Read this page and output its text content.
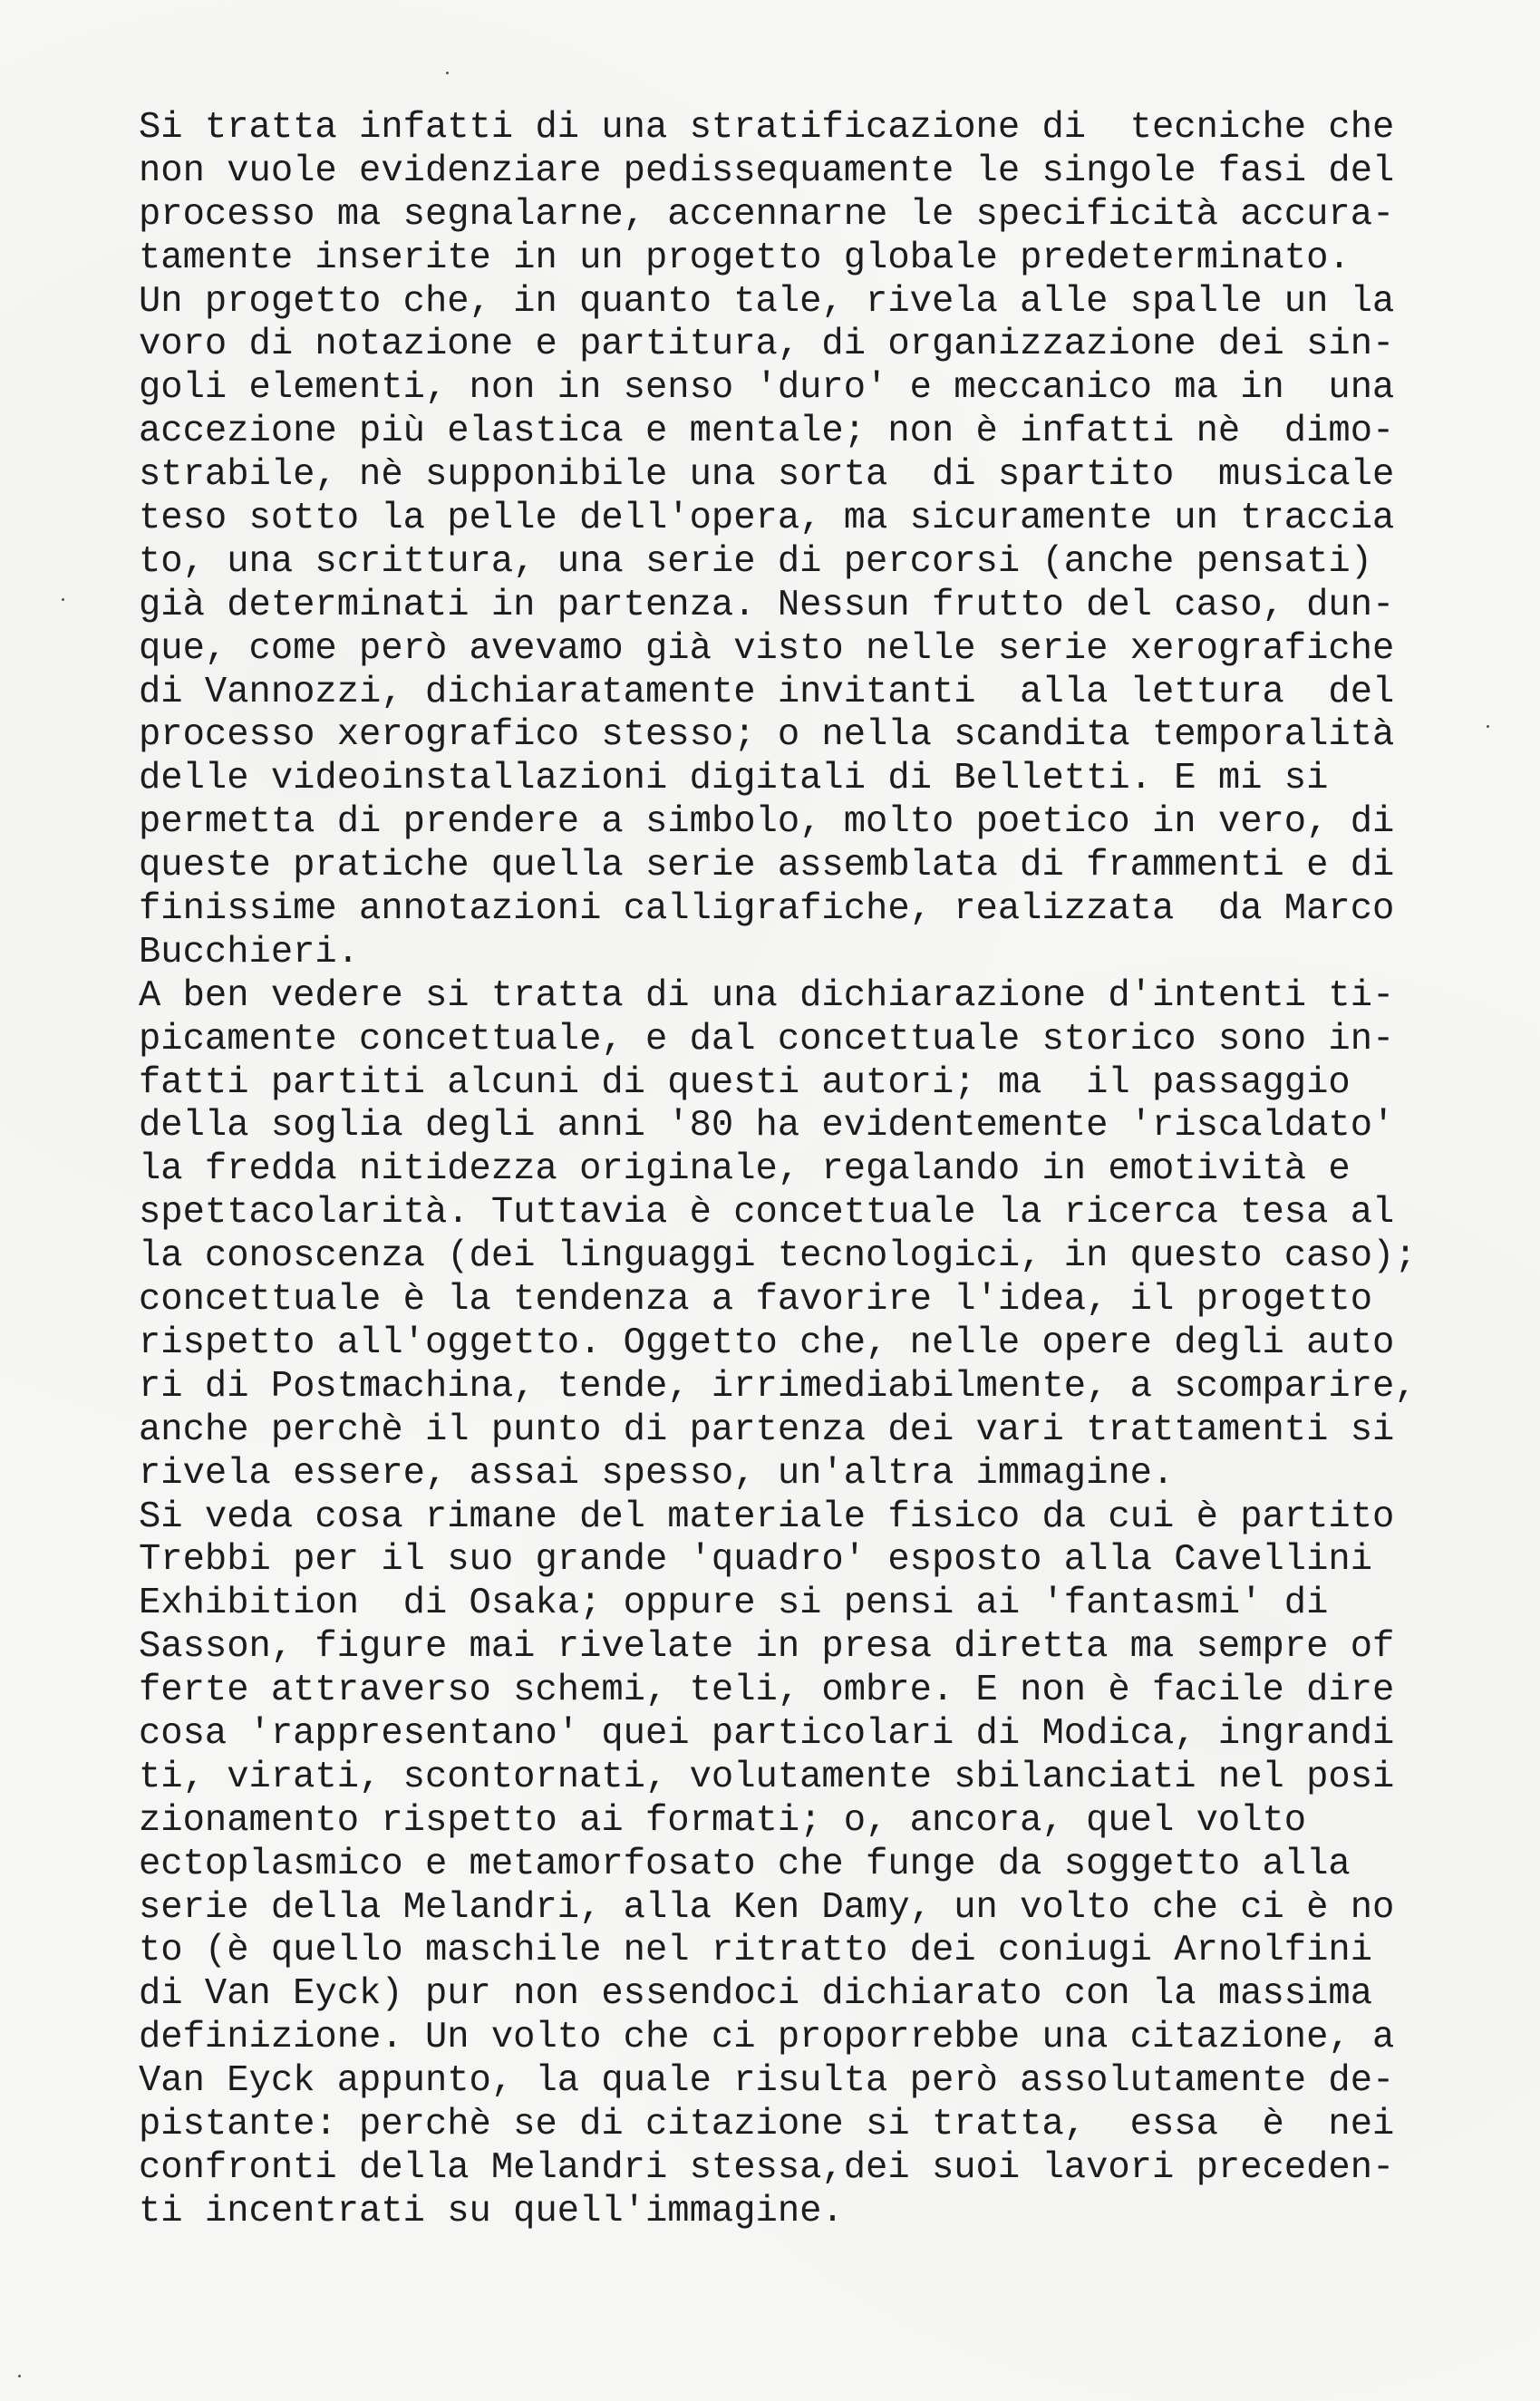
Si tratta infatti di una stratificazione di  tecniche che
non vuole evidenziare pedissequamente le singole fasi del
processo ma segnalarne, accennarne le specificità accura-
tamente inserite in un progetto globale predeterminato.
Un progetto che, in quanto tale, rivela alle spalle un la
voro di notazione e partitura, di organizzazione dei sin-
goli elementi, non in senso 'duro' e meccanico ma in  una
accezione più elastica e mentale; non è infatti nè  dimo-
strabile, nè supponibile una sorta  di spartito  musicale
teso sotto la pelle dell'opera, ma sicuramente un traccia
to, una scrittura, una serie di percorsi (anche pensati)
già determinati in partenza. Nessun frutto del caso, dun-
que, come però avevamo già visto nelle serie xerografiche
di Vannozzi, dichiaratamente invitanti  alla lettura  del
processo xerografico stesso; o nella scandita temporalità
delle videoinstallazioni digitali di Belletti. E mi si
permetta di prendere a simbolo, molto poetico in vero, di
queste pratiche quella serie assemblata di frammenti e di
finissime annotazioni calligrafiche, realizzata  da Marco
Bucchieri.
A ben vedere si tratta di una dichiarazione d'intenti ti-
picamente concettuale, e dal concettuale storico sono in-
fatti partiti alcuni di questi autori; ma  il passaggio
della soglia degli anni '80 ha evidentemente 'riscaldato'
la fredda nitidezza originale, regalando in emotività e
spettacolarità. Tuttavia è concettuale la ricerca tesa al
la conoscenza (dei linguaggi tecnologici, in questo caso);
concettuale è la tendenza a favorire l'idea, il progetto
rispetto all'oggetto. Oggetto che, nelle opere degli auto
ri di Postmachina, tende, irrimediabilmente, a scomparire,
anche perchè il punto di partenza dei vari trattamenti si
rivela essere, assai spesso, un'altra immagine.
Si veda cosa rimane del materiale fisico da cui è partito
Trebbi per il suo grande 'quadro' esposto alla Cavellini
Exhibition  di Osaka; oppure si pensi ai 'fantasmi' di
Sasson, figure mai rivelate in presa diretta ma sempre of
ferte attraverso schemi, teli, ombre. E non è facile dire
cosa 'rappresentano' quei particolari di Modica, ingrandi
ti, virati, scontornati, volutamente sbilanciati nel posi
zionamento rispetto ai formati; o, ancora, quel volto
ectoplasmico e metamorfosato che funge da soggetto alla
serie della Melandri, alla Ken Damy, un volto che ci è no
to (è quello maschile nel ritratto dei coniugi Arnolfini
di Van Eyck) pur non essendoci dichiarato con la massima
definizione. Un volto che ci proporrebbe una citazione, a
Van Eyck appunto, la quale risulta però assolutamente de-
pistante: perchè se di citazione si tratta,  essa  è  nei
confronti della Melandri stessa,dei suoi lavori preceden-
ti incentrati su quell'immagine.
